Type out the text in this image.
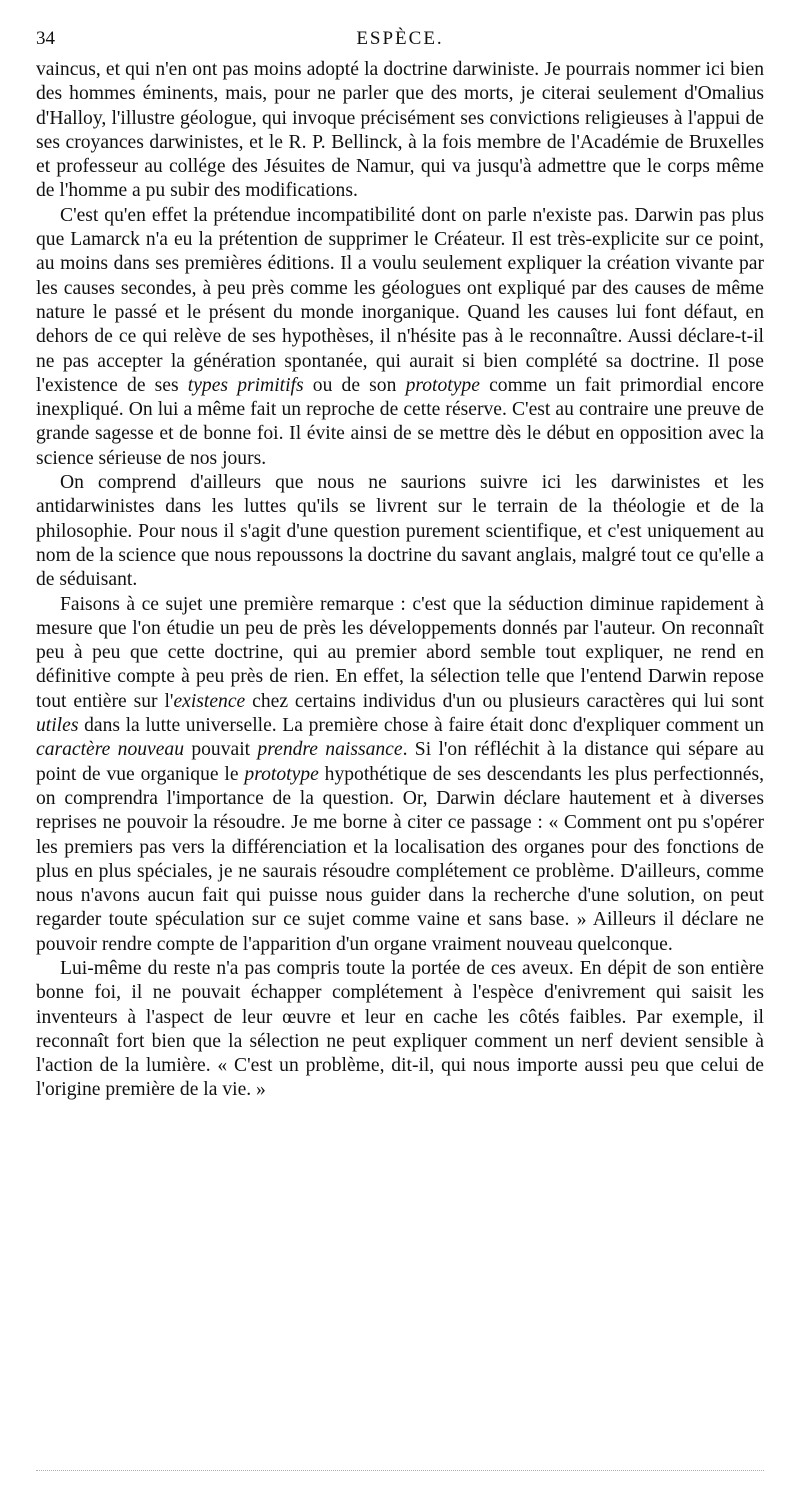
34	ESPÈCE.

vaincus, et qui n'en ont pas moins adopté la doctrine darwiniste. Je pourrais nommer ici bien des hommes éminents, mais, pour ne parler que des morts, je citerai seulement d'Omalius d'Halloy, l'illustre géologue, qui invoque précisément ses convictions religieuses à l'appui de ses croyances darwinistes, et le R. P. Bellinck, à la fois membre de l'Académie de Bruxelles et professeur au collége des Jésuites de Namur, qui va jusqu'à admettre que le corps même de l'homme a pu subir des modifications.

C'est qu'en effet la prétendue incompatibilité dont on parle n'existe pas. Darwin pas plus que Lamarck n'a eu la prétention de supprimer le Créateur. Il est très-explicite sur ce point, au moins dans ses premières éditions. Il a voulu seulement expliquer la création vivante par les causes secondes, à peu près comme les géologues ont expliqué par des causes de même nature le passé et le présent du monde inorganique. Quand les causes lui font défaut, en dehors de ce qui relève de ses hypothèses, il n'hésite pas à le reconnaître. Aussi déclare-t-il ne pas accepter la génération spontanée, qui aurait si bien complété sa doctrine. Il pose l'existence de ses types primitifs ou de son prototype comme un fait primordial encore inexpliqué. On lui a même fait un reproche de cette réserve. C'est au contraire une preuve de grande sagesse et de bonne foi. Il évite ainsi de se mettre dès le début en opposition avec la science sérieuse de nos jours.

On comprend d'ailleurs que nous ne saurions suivre ici les darwinistes et les antidarwinistes dans les luttes qu'ils se livrent sur le terrain de la théologie et de la philosophie. Pour nous il s'agit d'une question purement scientifique, et c'est uniquement au nom de la science que nous repoussons la doctrine du savant anglais, malgré tout ce qu'elle a de séduisant.

Faisons à ce sujet une première remarque : c'est que la séduction diminue rapidement à mesure que l'on étudie un peu de près les développements donnés par l'auteur. On reconnaît peu à peu que cette doctrine, qui au premier abord semble tout expliquer, ne rend en définitive compte à peu près de rien. En effet, la sélection telle que l'entend Darwin repose tout entière sur l'existence chez certains individus d'un ou plusieurs caractères qui lui sont utiles dans la lutte universelle. La première chose à faire était donc d'expliquer comment un caractère nouveau pouvait prendre naissance. Si l'on réfléchit à la distance qui sépare au point de vue organique le prototype hypothétique de ses descendants les plus perfectionnés, on comprendra l'importance de la question. Or, Darwin déclare hautement et à diverses reprises ne pouvoir la résoudre. Je me borne à citer ce passage : « Comment ont pu s'opérer les premiers pas vers la différenciation et la localisation des organes pour des fonctions de plus en plus spéciales, je ne saurais résoudre complétement ce problème. D'ailleurs, comme nous n'avons aucun fait qui puisse nous guider dans la recherche d'une solution, on peut regarder toute spéculation sur ce sujet comme vaine et sans base. » Ailleurs il déclare ne pouvoir rendre compte de l'apparition d'un organe vraiment nouveau quelconque.

Lui-même du reste n'a pas compris toute la portée de ces aveux. En dépit de son entière bonne foi, il ne pouvait échapper complétement à l'espèce d'enivrement qui saisit les inventeurs à l'aspect de leur œuvre et leur en cache les côtés faibles. Par exemple, il reconnaît fort bien que la sélection ne peut expliquer comment un nerf devient sensible à l'action de la lumière. « C'est un problème, dit-il, qui nous importe aussi peu que celui de l'origine première de la vie. »
